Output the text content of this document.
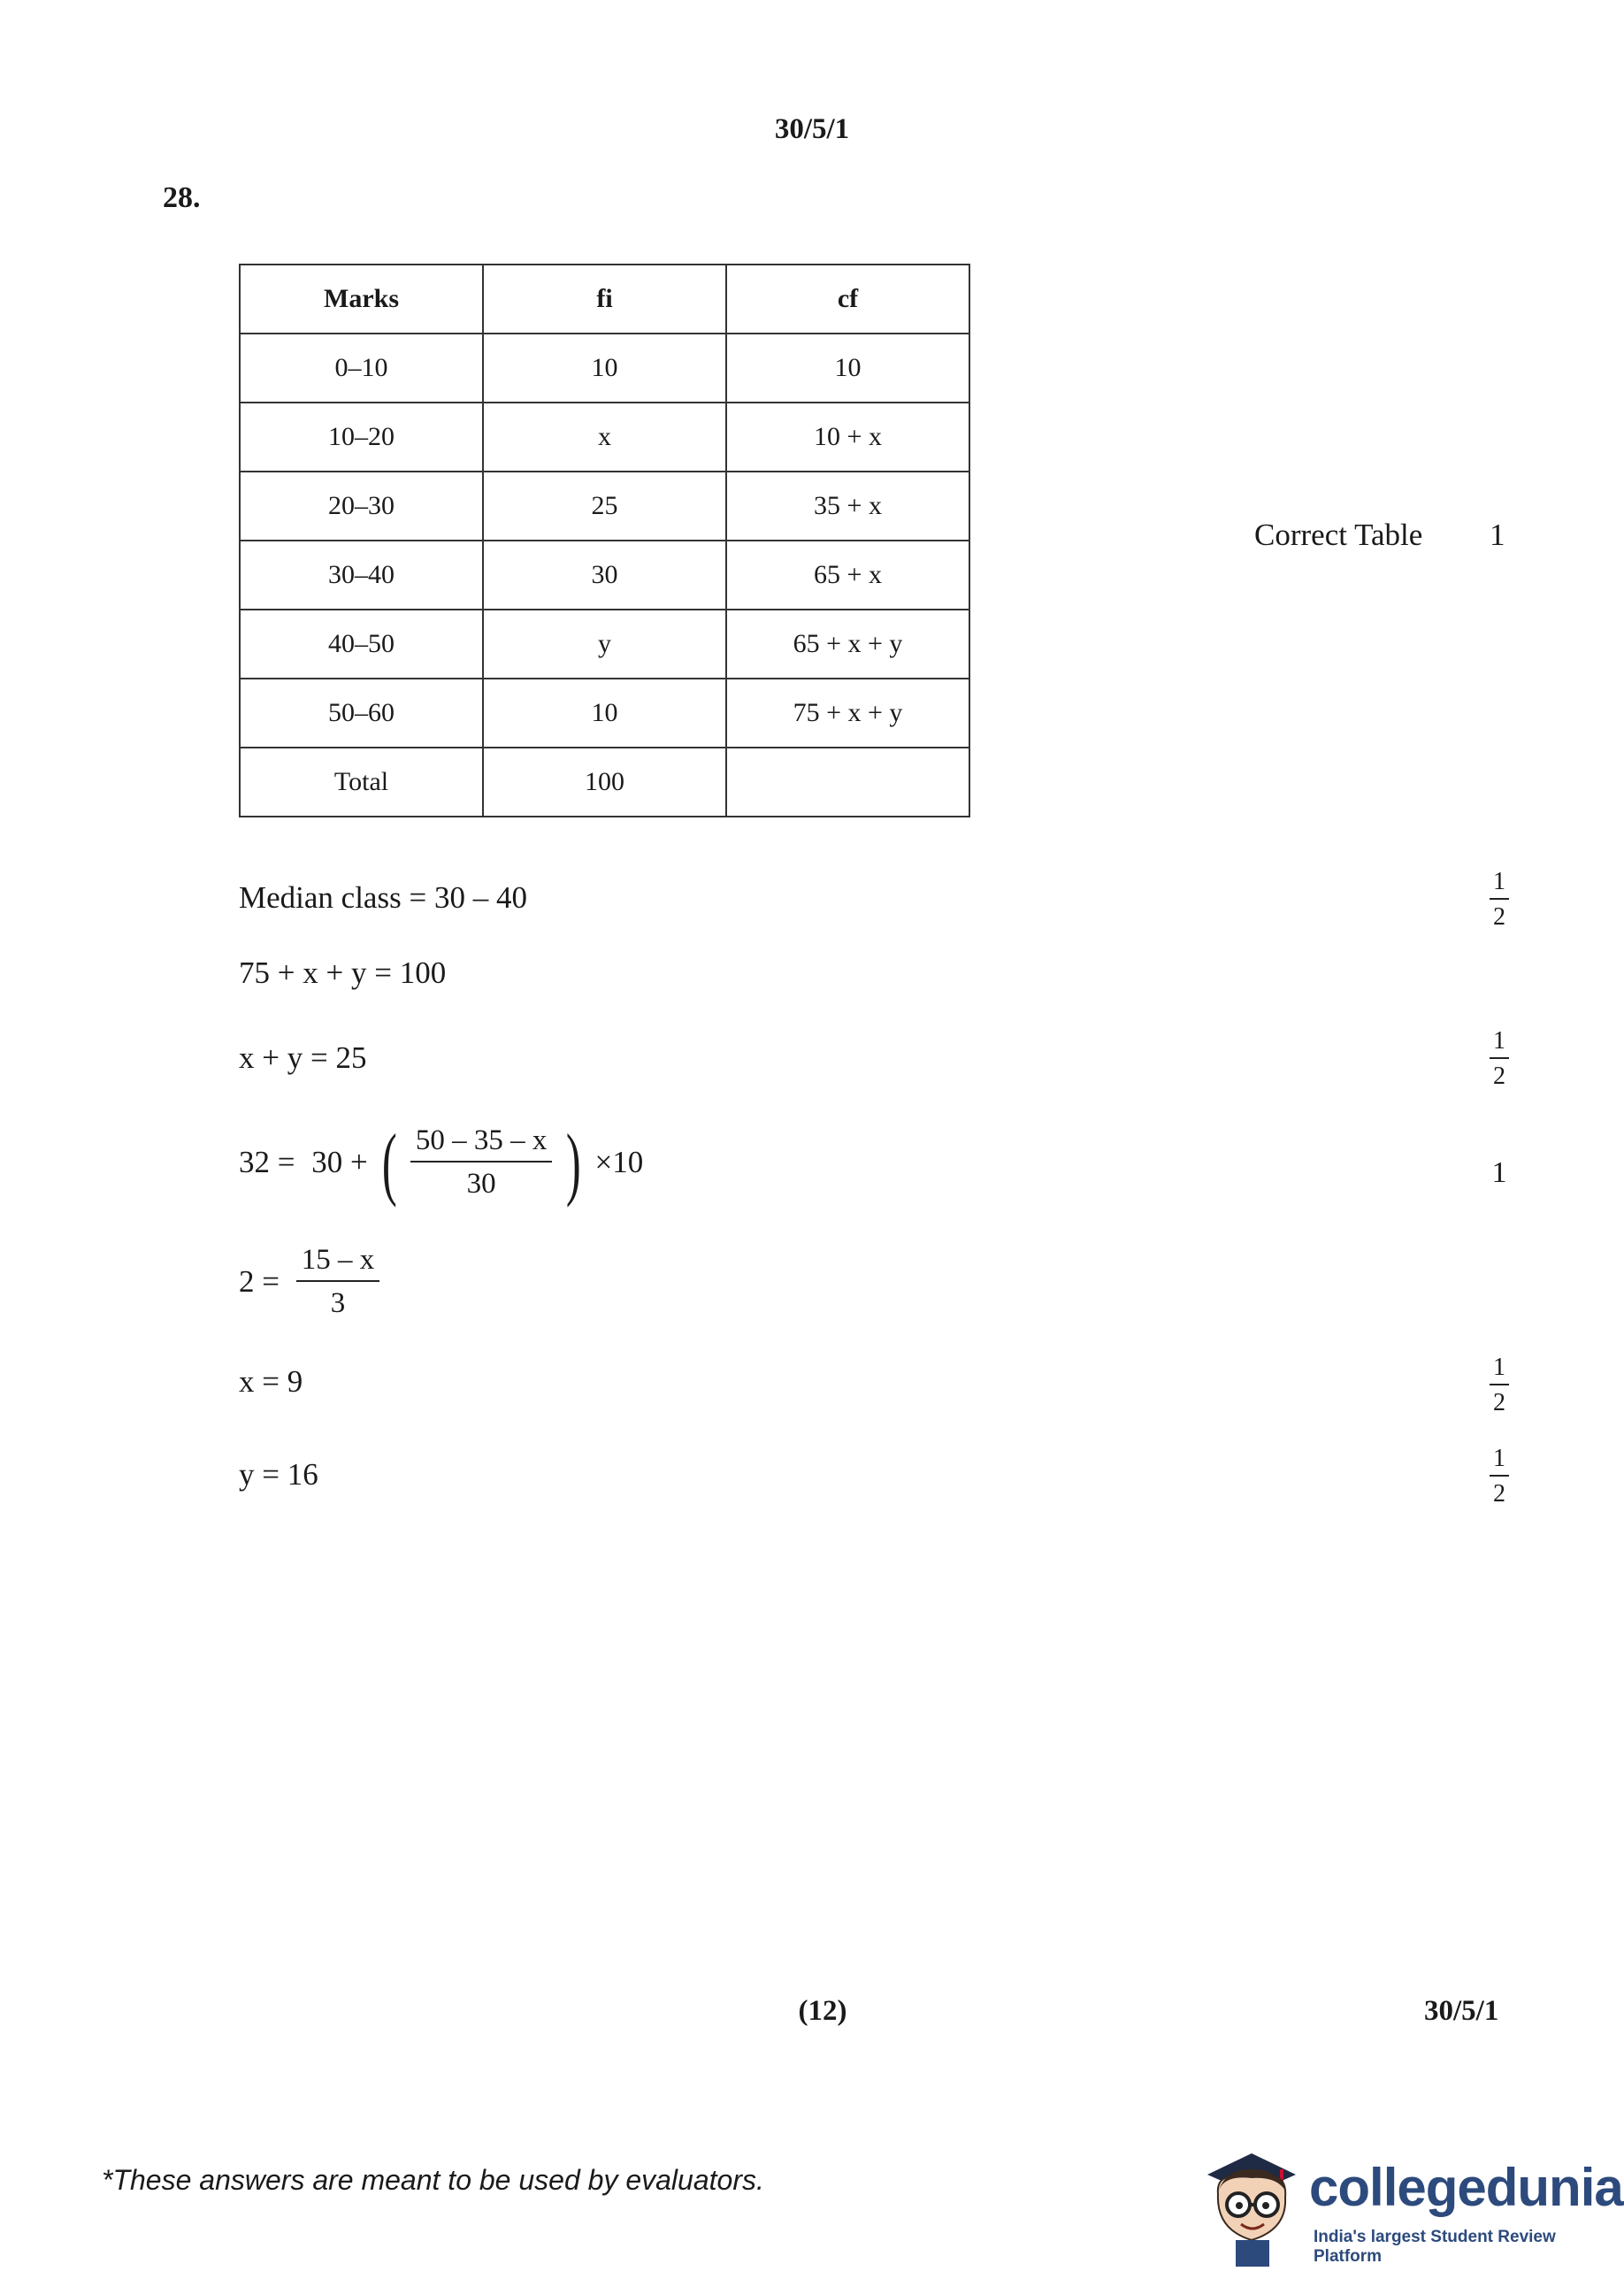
30/5/1
28.
Marks	fi	cf
0–10	10	10
10–20	x	10 + x
20–30	25	35 + x
30–40	30	65 + x
40–50	y	65 + x + y
50–60	10	75 + x + y
Total	100	
Correct Table 1
Median class = 30 – 40	1
2
75 + x + y = 100
x + y = 25	1
2
32 = 30 + ( $\frac{50 - 35 - x}{30}$ ) ×10	1
$2 = \frac{15 - x}{3}$
x = 9	1
2
y = 16	1
2
(12)	30/5/1
*These answers are meant to be used by evaluators.	collegedunia
India's largest Student Review Platform
